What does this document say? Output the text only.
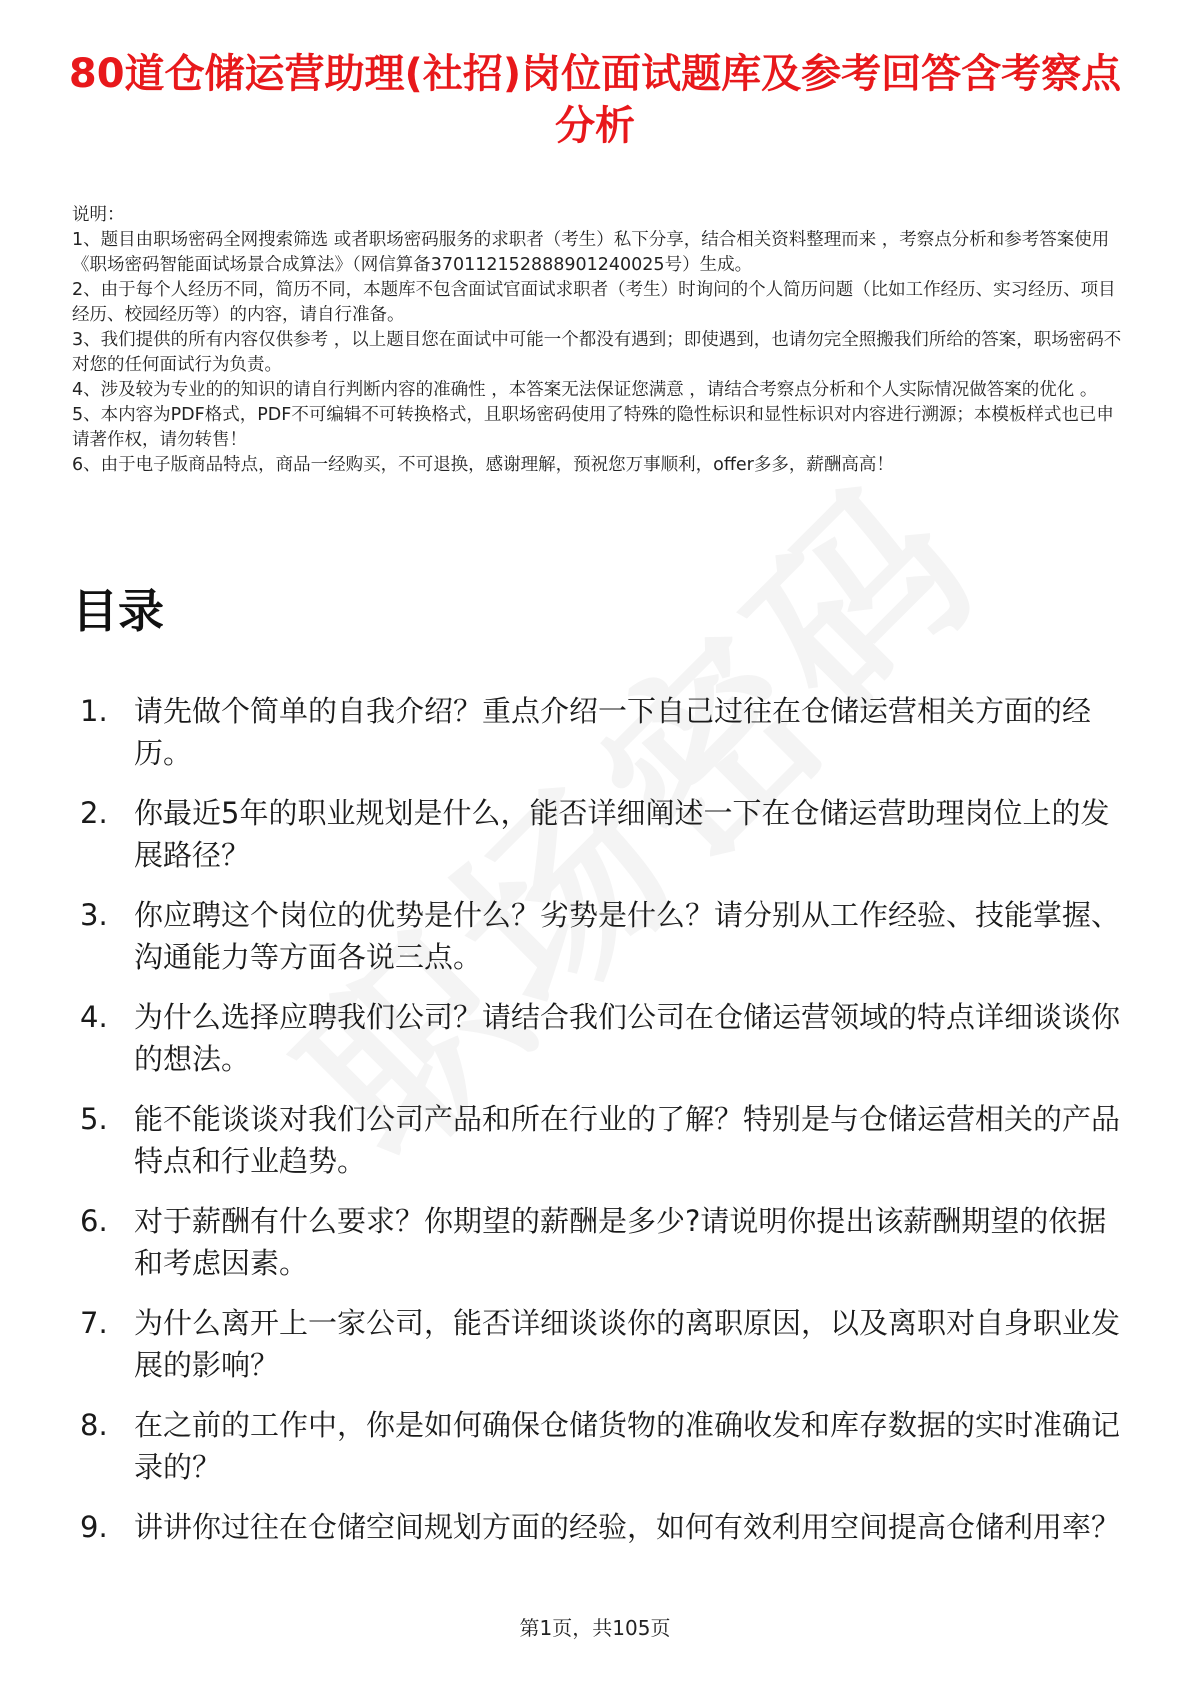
80道仓储运营助理(社招)岗位面试题库及参考回答含考察点分析

说明：

1、题目由职场密码全网搜索筛选 或者职场密码服务的求职者（考生）私下分享，结合相关资料整理而来 ，考察点分析和参考答案使用《职场密码智能面试场景合成算法》（网信算备370112152888901240025号）生成。

2、由于每个人经历不同，简历不同，本题库不包含面试官面试求职者（考生）时询问的个人简历问题（比如工作经历、实习经历、项目经历、校园经历等）的内容，请自行准备。

3、我们提供的所有内容仅供参考 ，以上题目您在面试中可能一个都没有遇到；即使遇到，也请勿完全照搬我们所给的答案，职场密码不对您的任何面试行为负责。

4、涉及较为专业的的知识的请自行判断内容的准确性 ，本答案无法保证您满意 ，请结合考察点分析和个人实际情况做答案的优化 。

5、本内容为PDF格式，PDF不可编辑不可转换格式，且职场密码使用了特殊的隐性标识和显性标识对内容进行溯源；本模板样式也已申请著作权，请勿转售！

6、由于电子版商品特点，商品一经购买，不可退换，感谢理解，预祝您万事顺利，offer多多，薪酬高高！

目录
1. 请先做个简单的自我介绍？重点介绍一下自己过往在仓储运营相关方面的经历。
2. 你最近5年的职业规划是什么，能否详细阐述一下在仓储运营助理岗位上的发展路径？
3. 你应聘这个岗位的优势是什么？劣势是什么？请分别从工作经验、技能掌握、沟通能力等方面各说三点。
4. 为什么选择应聘我们公司？请结合我们公司在仓储运营领域的特点详细谈谈你的想法。
5. 能不能谈谈对我们公司产品和所在行业的了解？特别是与仓储运营相关的产品特点和行业趋势。
6. 对于薪酬有什么要求？你期望的薪酬是多少?请说明你提出该薪酬期望的依据和考虑因素。
7. 为什么离开上一家公司，能否详细谈谈你的离职原因，以及离职对自身职业发展的影响？
8. 在之前的工作中，你是如何确保仓储货物的准确收发和库存数据的实时准确记录的？
9. 讲讲你过往在仓储空间规划方面的经验，如何有效利用空间提高仓储利用率？
第1页，共105页
